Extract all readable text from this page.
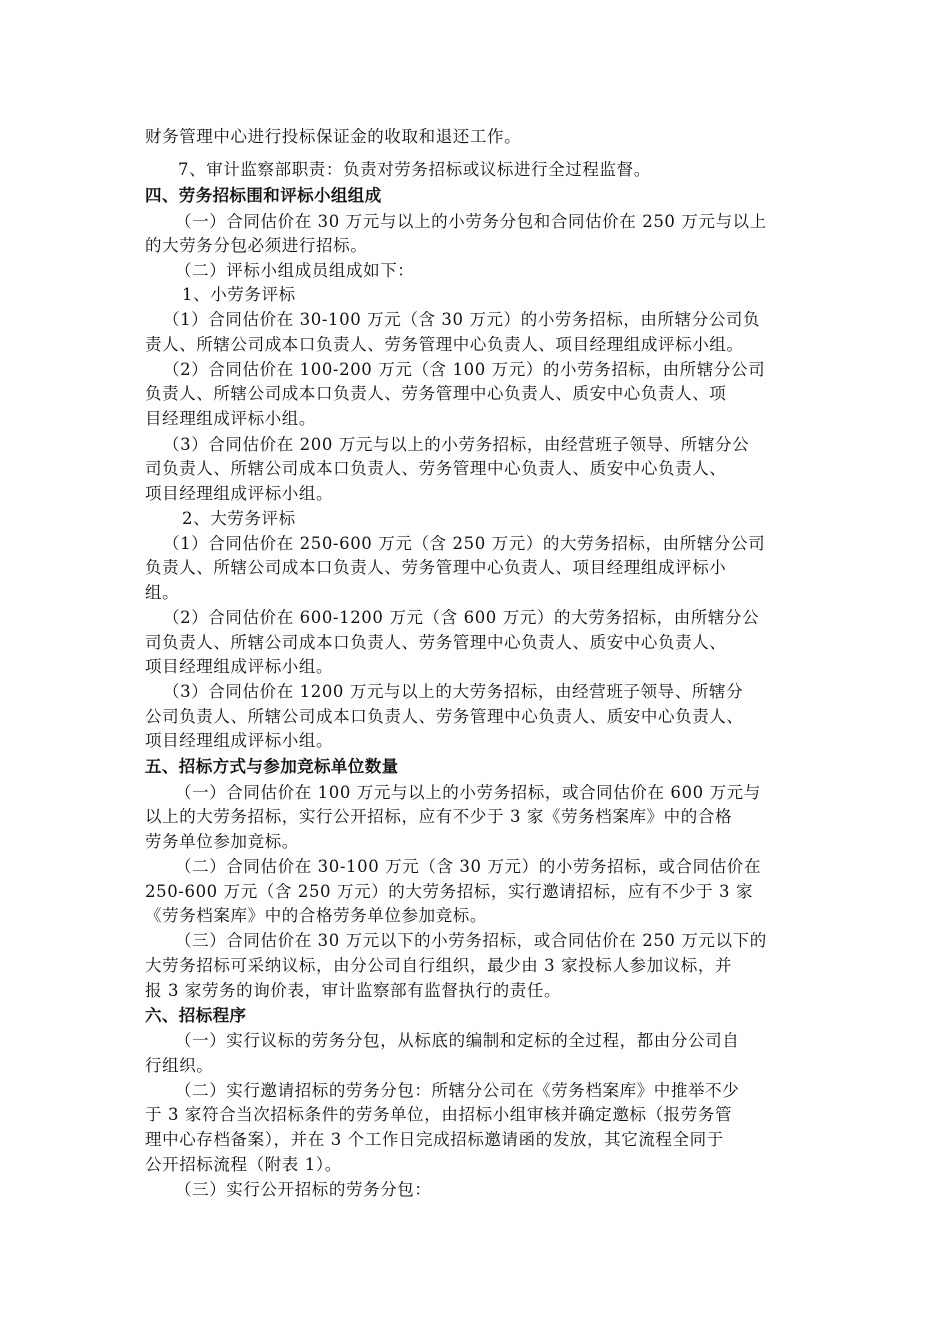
财务管理中心进行投标保证金的收取和退还工作。
7、审计监察部职责：负责对劳务招标或议标进行全过程监督。
四、劳务招标围和评标小组组成
（一）合同估价在 30 万元与以上的小劳务分包和合同估价在 250 万元与以上
的大劳务分包必须进行招标。
（二）评标小组成员组成如下：
1、小劳务评标
（1）合同估价在 30-100 万元（含 30 万元）的小劳务招标，由所辖分公司负
责人、所辖公司成本口负责人、劳务管理中心负责人、项目经理组成评标小组。
（2）合同估价在 100-200 万元（含 100 万元）的小劳务招标，由所辖分公司
负责人、所辖公司成本口负责人、劳务管理中心负责人、质安中心负责人、项
目经理组成评标小组。
（3）合同估价在 200 万元与以上的小劳务招标，由经营班子领导、所辖分公
司负责人、所辖公司成本口负责人、劳务管理中心负责人、质安中心负责人、
项目经理组成评标小组。
2、大劳务评标
（1）合同估价在 250-600 万元（含 250 万元）的大劳务招标，由所辖分公司
负责人、所辖公司成本口负责人、劳务管理中心负责人、项目经理组成评标小
组。
（2）合同估价在 600-1200 万元（含 600 万元）的大劳务招标，由所辖分公
司负责人、所辖公司成本口负责人、劳务管理中心负责人、质安中心负责人、
项目经理组成评标小组。
（3）合同估价在 1200 万元与以上的大劳务招标，由经营班子领导、所辖分
公司负责人、所辖公司成本口负责人、劳务管理中心负责人、质安中心负责人、
项目经理组成评标小组。
五、招标方式与参加竞标单位数量
（一）合同估价在 100 万元与以上的小劳务招标，或合同估价在 600 万元与
以上的大劳务招标，实行公开招标，应有不少于 3 家《劳务档案库》中的合格
劳务单位参加竞标。
（二）合同估价在 30-100 万元（含 30 万元）的小劳务招标，或合同估价在
250-600 万元（含 250 万元）的大劳务招标，实行邀请招标，应有不少于 3 家
《劳务档案库》中的合格劳务单位参加竞标。
（三）合同估价在 30 万元以下的小劳务招标，或合同估价在 250 万元以下的
大劳务招标可采纳议标，由分公司自行组织，最少由 3 家投标人参加议标，并
报 3 家劳务的询价表，审计监察部有监督执行的责任。
六、招标程序
（一）实行议标的劳务分包，从标底的编制和定标的全过程，都由分公司自
行组织。
（二）实行邀请招标的劳务分包：所辖分公司在《劳务档案库》中推举不少
于 3 家符合当次招标条件的劳务单位，由招标小组审核并确定邀标（报劳务管
理中心存档备案），并在 3 个工作日完成招标邀请函的发放，其它流程全同于
公开招标流程（附表 1）。
（三）实行公开招标的劳务分包：
